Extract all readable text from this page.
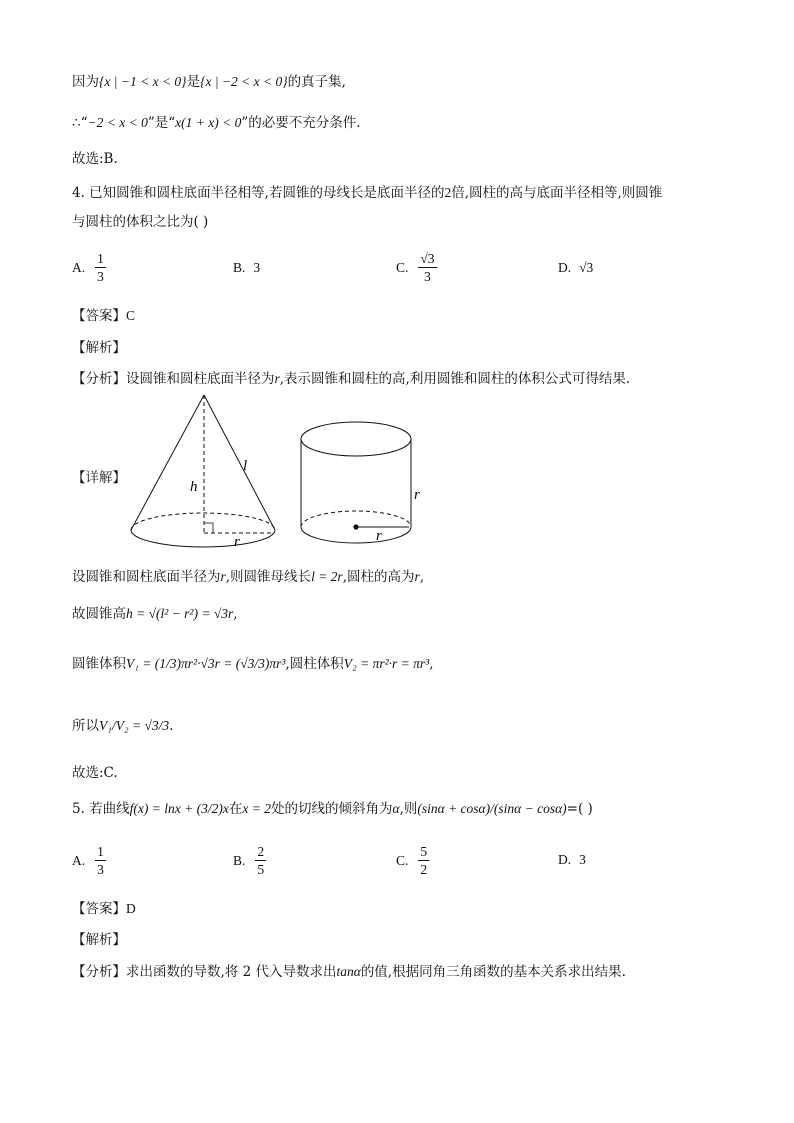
因为{x | −1 < x < 0}是{x | −2 < x < 0}的真子集,
∴“−2 < x < 0”是“x(1 + x) < 0”的必要不充分条件.
故选:B.
4. 已知圆锥和圆柱底面半径相等,若圆锥的母线长是底面半径的2倍,圆柱的高与底面半径相等,则圆锥
与圆柱的体积之比为( )
A. $\frac{1}{3}$	B. 3	C. $\frac{√3}{3}$	D. √3
【答案】C
【解析】
【分析】设圆锥和圆柱底面半径为r,表示圆锥和圆柱的高,利用圆锥和圆柱的体积公式可得结果.
【详解】
h
l
r
r
r
设圆锥和圆柱底面半径为r,则圆锥母线长l = 2r,圆柱的高为r,
故圆锥高h = √(l² − r²) = √3r,
圆锥体积V₁ = (1/3)πr²·√3r = (√3/3)πr³,圆柱体积V₂ = πr²·r = πr³,
所以V₁/V₂ = √3/3.
故选:C.
5. 若曲线f(x) = lnx + (3/2)x在x = 2处的切线的倾斜角为α,则(sinα + cosα)/(sinα − cosα)=( )
A. $\frac{1}{3}$	B. $\frac{2}{5}$	C. $\frac{5}{2}$	D. 3
【答案】D
【解析】
【分析】求出函数的导数,将 2 代入导数求出tanα的值,根据同角三角函数的基本关系求出结果.
